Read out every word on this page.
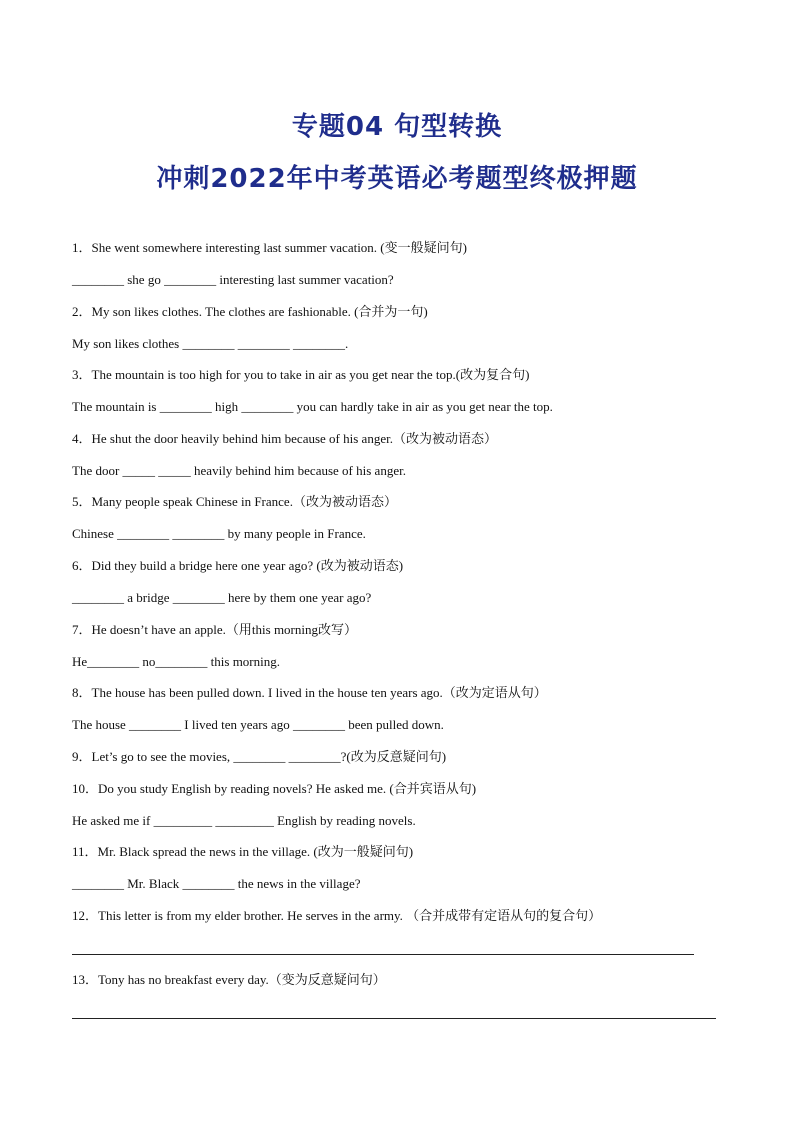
专题04 句型转换
冲刺2022年中考英语必考题型终极押题
1．She went somewhere interesting last summer vacation. (变一般疑问句)
________ she go ________ interesting last summer vacation?
2．My son likes clothes. The clothes are fashionable. (合并为一句)
My son likes clothes ________ ________ ________.
3．The mountain is too high for you to take in air as you get near the top.(改为复合句)
The mountain is ________ high ________ you can hardly take in air as you get near the top.
4．He shut the door heavily behind him because of his anger.（改为被动语态）
The door _____ _____ heavily behind him because of his anger.
5．Many people speak Chinese in France.（改为被动语态）
Chinese ________ ________ by many people in France.
6．Did they build a bridge here one year ago? (改为被动语态)
________ a bridge ________ here by them one year ago?
7．He doesn’t have an apple.（用this morning改写）
He________ no________ this morning.
8．The house has been pulled down. I lived in the house ten years ago.（改为定语从句）
The house ________ I lived ten years ago ________ been pulled down.
9．Let’s go to see the movies, ________ ________?(改为反意疑问句)
10．Do you study English by reading novels? He asked me. (合并宾语从句)
He asked me if _________ _________ English by reading novels.
11．Mr. Black spread the news in the village. (改为一般疑问句)
________ Mr. Black ________ the news in the village?
12．This letter is from my elder brother. He serves in the army. （合并成带有定语从句的复合句）
13．Tony has no breakfast every day.（变为反意疑问句）
